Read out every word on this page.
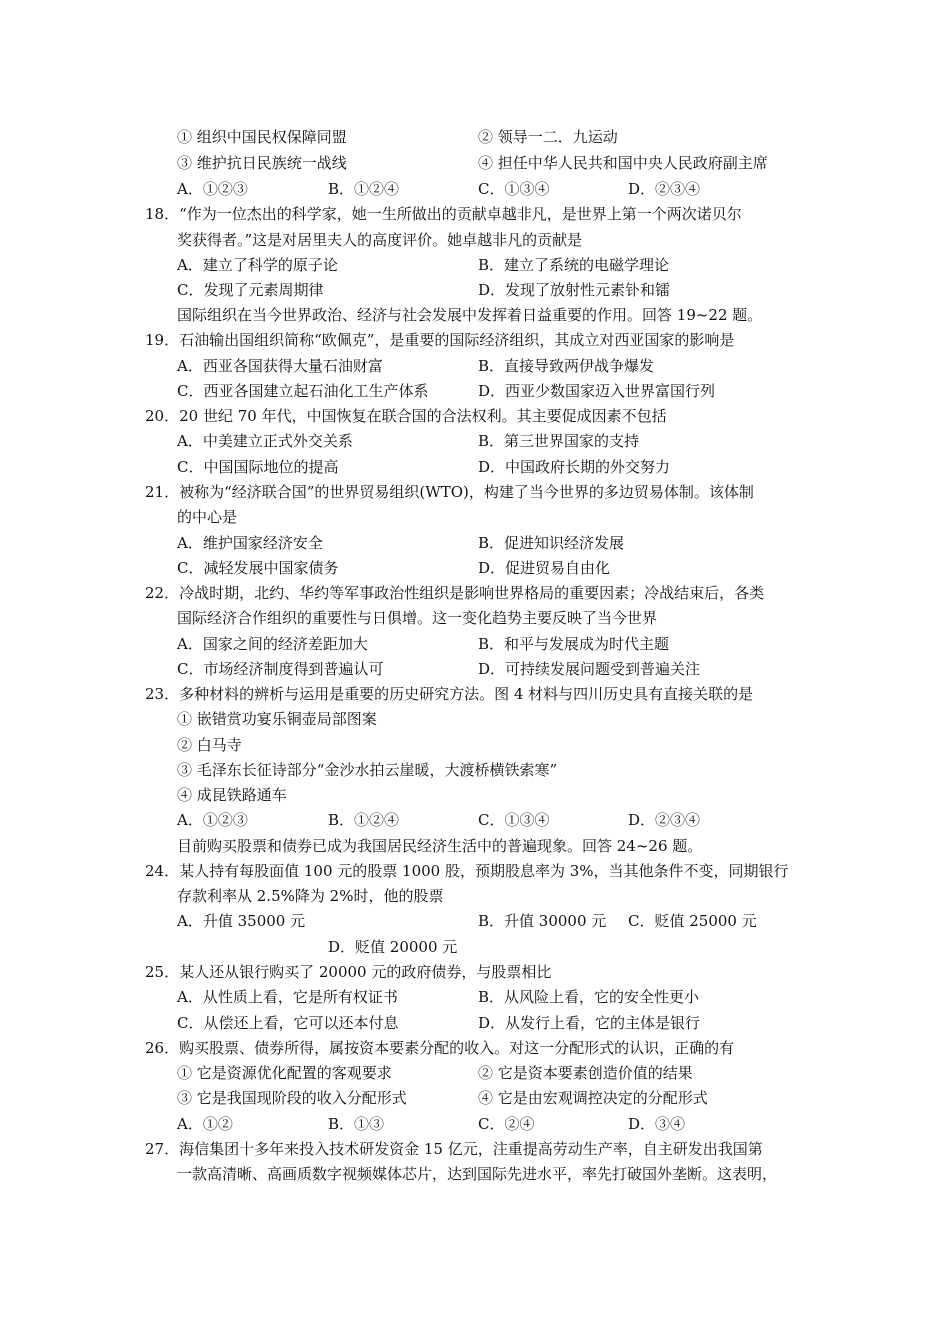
① 组织中国民权保障同盟	② 领导一二．九运动
③ 维护抗日民族统一战线	④ 担任中华人民共和国中央人民政府副主席
A．①②③	B．①②④	C．①③④	D．②③④
18．“作为一位杰出的科学家，她一生所做出的贡献卓越非凡，是世界上第一个两次诺贝尔
奖获得者。”这是对居里夫人的高度评价。她卓越非凡的贡献是
A．建立了科学的原子论	B．建立了系统的电磁学理论
C．发现了元素周期律	D．发现了放射性元素钋和镭
国际组织在当今世界政治、经济与社会发展中发挥着日益重要的作用。回答 19~22 题。
19．石油输出国组织简称“欧佩克”，是重要的国际经济组织，其成立对西亚国家的影响是
A．西亚各国获得大量石油财富	B．直接导致两伊战争爆发
C．西亚各国建立起石油化工生产体系	D．西亚少数国家迈入世界富国行列
20．20 世纪 70 年代，中国恢复在联合国的合法权利。其主要促成因素不包括
A．中美建立正式外交关系	B．第三世界国家的支持
C．中国国际地位的提高	D．中国政府长期的外交努力
21．被称为“经济联合国”的世界贸易组织(WTO)，构建了当今世界的多边贸易体制。该体制
的中心是
A．维护国家经济安全	B．促进知识经济发展
C．减轻发展中国家债务	D．促进贸易自由化
22．冷战时期，北约、华约等军事政治性组织是影响世界格局的重要因素；冷战结束后，各类
国际经济合作组织的重要性与日俱增。这一变化趋势主要反映了当今世界
A．国家之间的经济差距加大	B．和平与发展成为时代主题
C．市场经济制度得到普遍认可	D．可持续发展问题受到普遍关注
23．多种材料的辨析与运用是重要的历史研究方法。图 4 材料与四川历史具有直接关联的是
① 嵌错赏功宴乐铜壶局部图案
② 白马寺
③ 毛泽东长征诗部分“金沙水拍云崖暖，大渡桥横铁索寒”
④ 成昆铁路通车
A．①②③	B．①②④	C．①③④	D．②③④
目前购买股票和债券已成为我国居民经济生活中的普遍现象。回答 24~26 题。
24．某人持有每股面值 100 元的股票 1000 股，预期股息率为 3%，当其他条件不变，同期银行
存款利率从 2.5%降为 2%时，他的股票
A．升值 35000 元	B．升值 30000 元 C．贬值 25000 元
D．贬值 20000 元
25．某人还从银行购买了 20000 元的政府债券，与股票相比
A．从性质上看，它是所有权证书	B．从风险上看，它的安全性更小
C．从偿还上看，它可以还本付息	D．从发行上看，它的主体是银行
26．购买股票、债券所得，属按资本要素分配的收入。对这一分配形式的认识，正确的有
① 它是资源优化配置的客观要求	② 它是资本要素创造价值的结果
③ 它是我国现阶段的收入分配形式	④ 它是由宏观调控决定的分配形式
A．①②	B．①③	C．②④	D．③④
27．海信集团十多年来投入技术研发资金 15 亿元，注重提高劳动生产率，自主研发出我国第
一款高清晰、高画质数字视频媒体芯片，达到国际先进水平，率先打破国外垄断。这表明，
